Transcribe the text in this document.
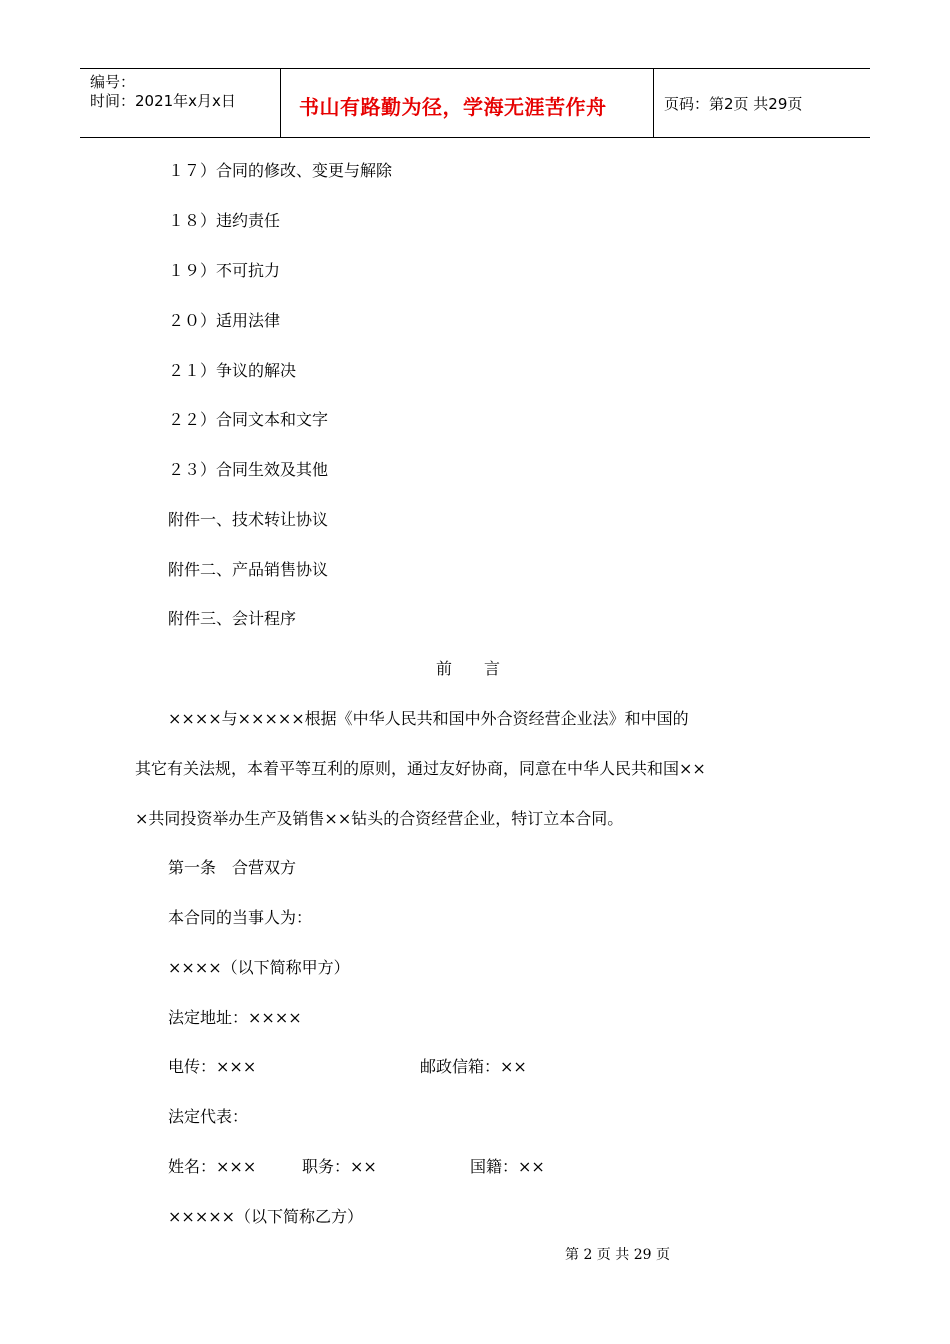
编号：
时间：2021年x月x日	书山有路勤为径，学海无涯苦作舟	页码：第2页 共29页
１７）合同的修改、变更与解除
１８）违约责任
１９）不可抗力
２０）适用法律
２１）争议的解决
２２）合同文本和文字
２３）合同生效及其他
附件一、技术转让协议
附件二、产品销售协议
附件三、会计程序
前　　言
××××与×××××根据《中华人民共和国中外合资经营企业法》和中国的
其它有关法规，本着平等互利的原则，通过友好协商，同意在中华人民共和国××
×共同投资举办生产及销售××钻头的合资经营企业，特订立本合同。
第一条　合营双方
本合同的当事人为：
××××（以下简称甲方）
法定地址：××××
电传：×××	邮政信箱：××
法定代表：
姓名：×××	职务：××	国籍：××
×××××（以下简称乙方）
第 2 页 共 29 页
